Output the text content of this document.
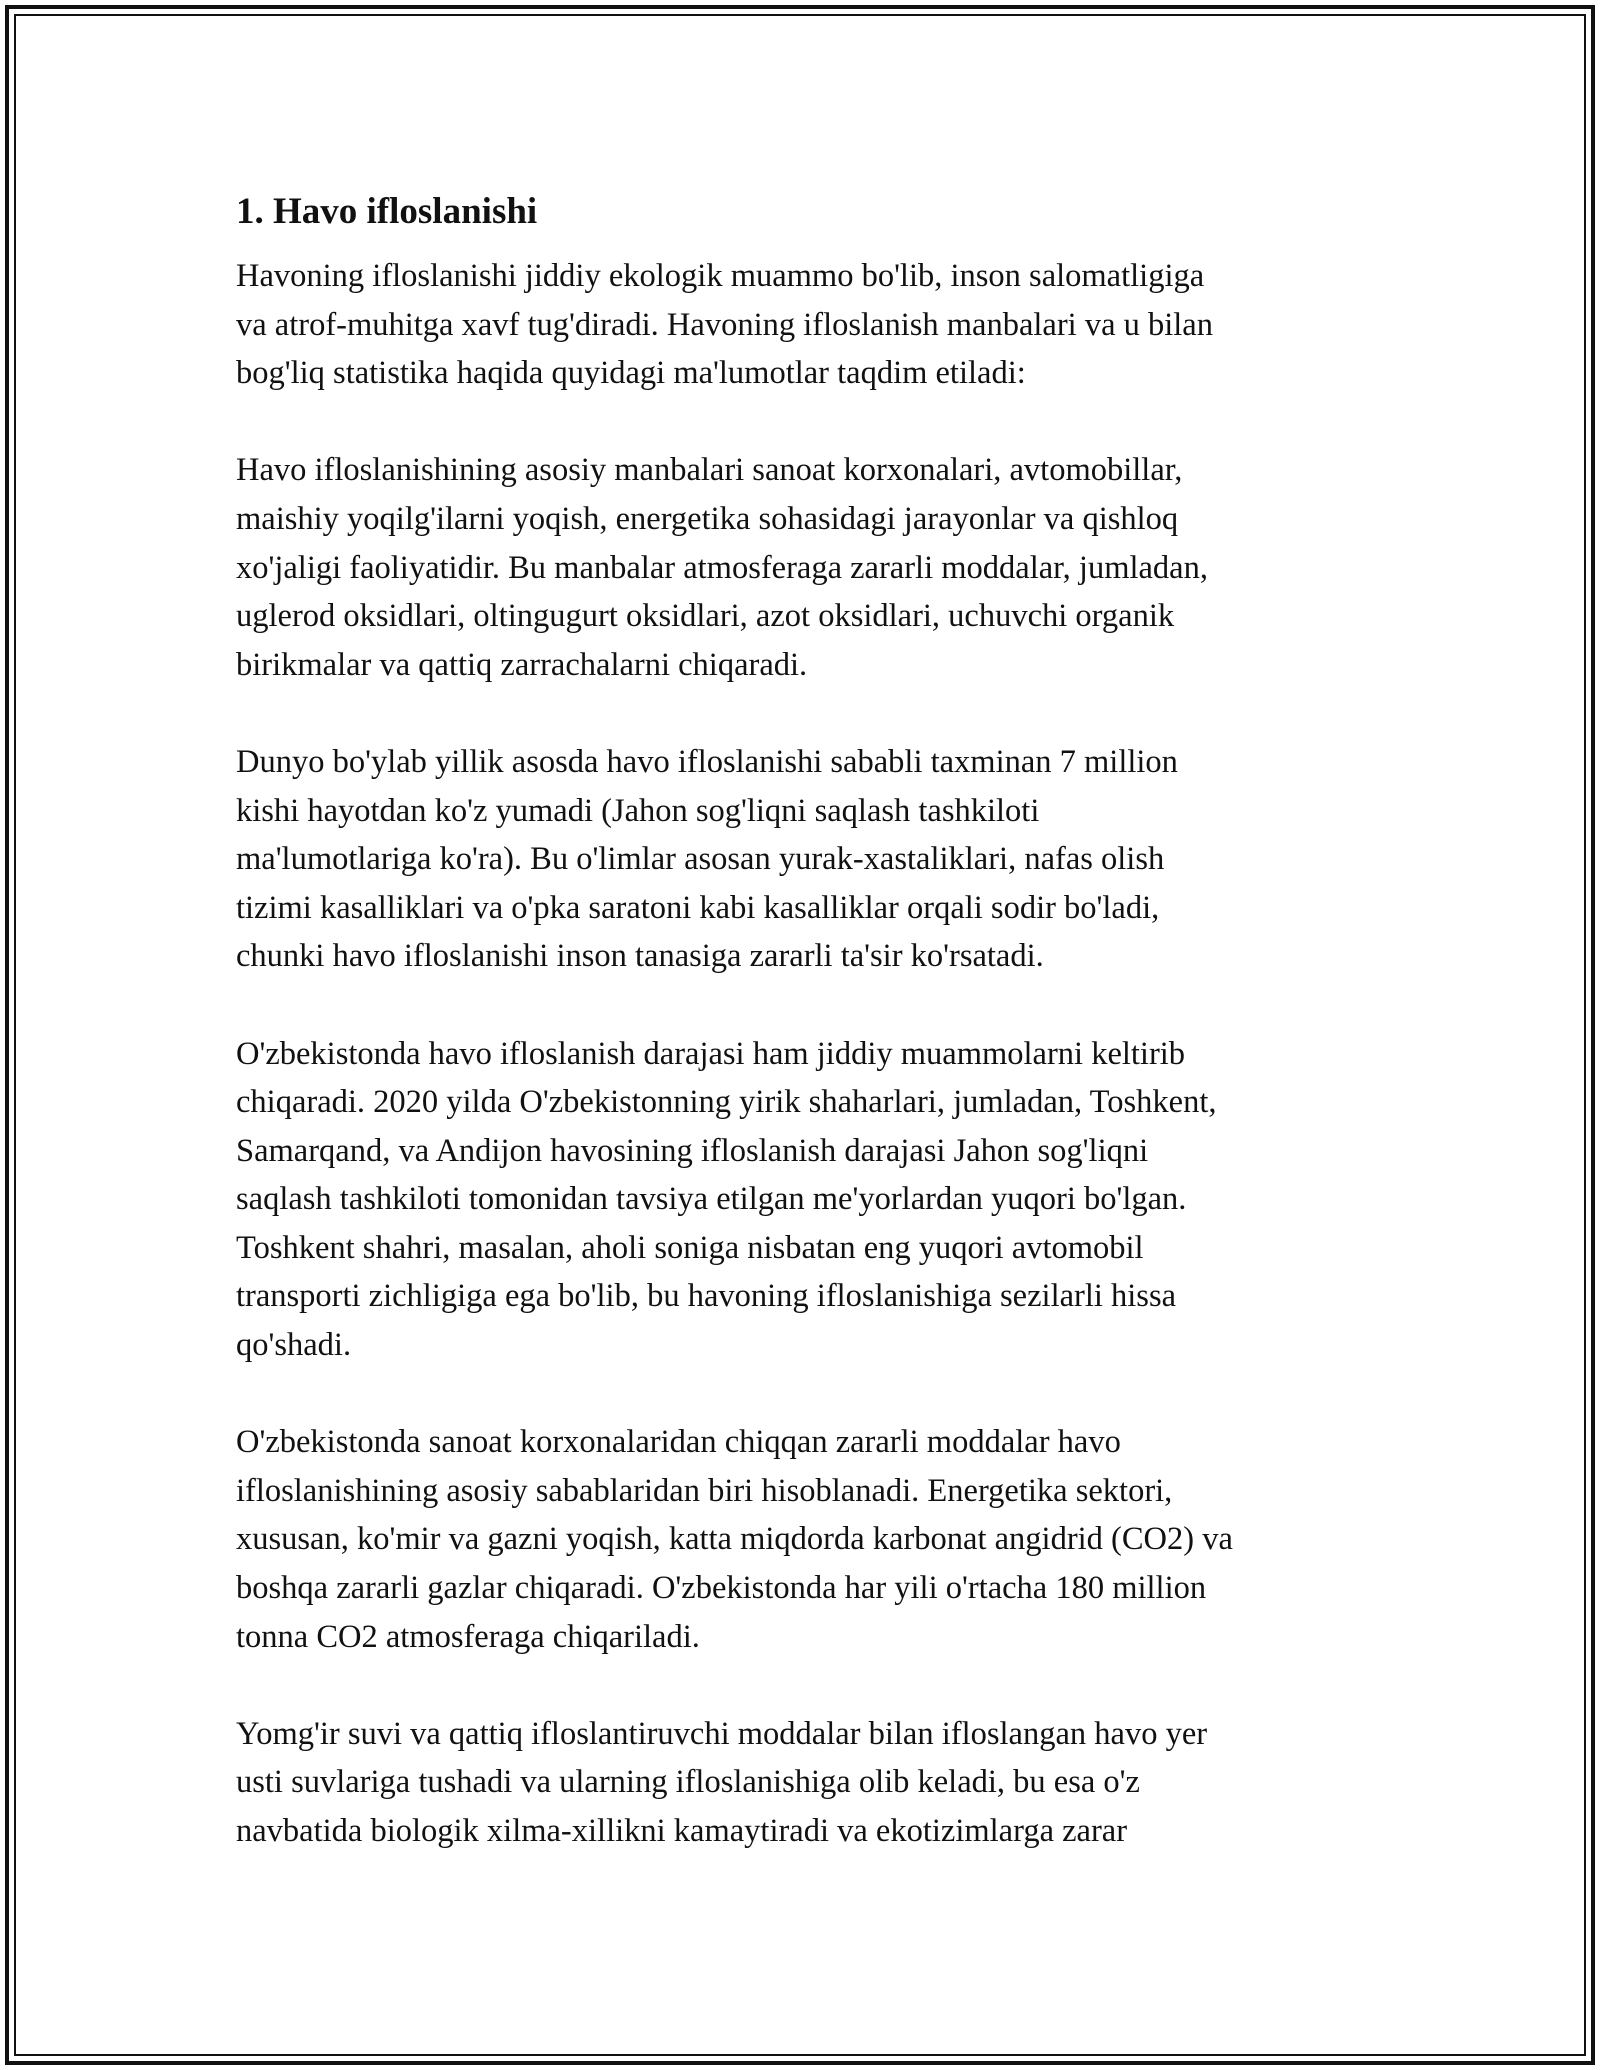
1. Havo ifloslanishi

Havoning ifloslanishi jiddiy ekologik muammo bo'lib, inson salomatligiga
va atrof-muhitga xavf tug'diradi. Havoning ifloslanish manbalari va u bilan
bog'liq statistika haqida quyidagi ma'lumotlar taqdim etiladi:

Havo ifloslanishining asosiy manbalari sanoat korxonalari, avtomobillar,
maishiy yoqilg'ilarni yoqish, energetika sohasidagi jarayonlar va qishloq
xo'jaligi faoliyatidir. Bu manbalar atmosferaga zararli moddalar, jumladan,
uglerod oksidlari, oltingugurt oksidlari, azot oksidlari, uchuvchi organik
birikmalar va qattiq zarrachalarni chiqaradi.

Dunyo bo'ylab yillik asosda havo ifloslanishi sababli taxminan 7 million
kishi hayotdan ko'z yumadi (Jahon sog'liqni saqlash tashkiloti
ma'lumotlariga ko'ra). Bu o'limlar asosan yurak-xastaliklari, nafas olish
tizimi kasalliklari va o'pka saratoni kabi kasalliklar orqali sodir bo'ladi,
chunki havo ifloslanishi inson tanasiga zararli ta'sir ko'rsatadi.

O'zbekistonda havo ifloslanish darajasi ham jiddiy muammolarni keltirib
chiqaradi. 2020 yilda O'zbekistonning yirik shaharlari, jumladan, Toshkent,
Samarqand, va Andijon havosining ifloslanish darajasi Jahon sog'liqni
saqlash tashkiloti tomonidan tavsiya etilgan me'yorlardan yuqori bo'lgan.
Toshkent shahri, masalan, aholi soniga nisbatan eng yuqori avtomobil
transporti zichligiga ega bo'lib, bu havoning ifloslanishiga sezilarli hissa
qo'shadi.

O'zbekistonda sanoat korxonalaridan chiqqan zararli moddalar havo
ifloslanishining asosiy sabablaridan biri hisoblanadi. Energetika sektori,
xususan, ko'mir va gazni yoqish, katta miqdorda karbonat angidrid (CO2) va
boshqa zararli gazlar chiqaradi. O'zbekistonda har yili o'rtacha 180 million
tonna CO2 atmosferaga chiqariladi.

Yomg'ir suvi va qattiq ifloslantiruvchi moddalar bilan ifloslangan havo yer
usti suvlariga tushadi va ularning ifloslanishiga olib keladi, bu esa o'z
navbatida biologik xilma-xillikni kamaytiradi va ekotizimlarga zarar
